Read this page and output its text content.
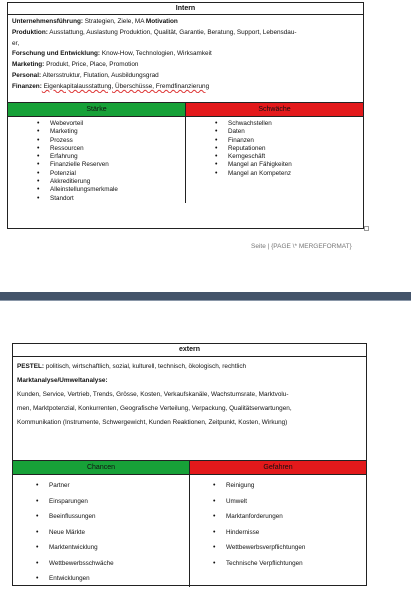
Intern

Unternehmensführung: Strategien, Ziele, MA Motivation

Produktion: Ausstattung, Auslastung Produktion, Qualität, Garantie, Beratung, Support, Lebensdau-

er,

Forschung und Entwicklung: Know-How, Technologien, Wirksamkeit

Marketing: Produkt, Price, Place, Promotion

Personal: Altersstruktur, Flutation, Ausbildungsgrad

Finanzen: Eigenkapitalausstattung, Überschüsse, Fremdfinanzierung

Stärke
• Webevorteil
• Marketing
• Prozess
• Ressourcen
• Erfahrung
• Finanzielle Reserven
• Potenzial
• Akkreditierung
• Alleinstellungsmerkmale
• Standort
Schwäche
• Schwachstellen
• Daten
• Finanzen
• Reputationen
• Kerngeschäft
• Mangel an Fähigkeiten
• Mangel an Kompetenz
Seite | {PAGE \* MERGEFORMAT}
extern

PESTEL: politisch, wirtschaftlich, sozial, kulturell, technisch, ökologisch, rechtlich

Marktanalyse/Umweltanalyse:

Kunden, Service, Vertrieb, Trends, Grösse, Kosten, Verkaufskanäle, Wachstumsrate, Marktvolu-

men, Marktpotenzial, Konkurrenten, Geografische Verteilung, Verpackung, Qualitätserwartungen,

Kommunikation (Instrumente, Schwergewicht, Kunden Reaktionen, Zeitpunkt, Kosten, Wirkung)

Chancen
• Partner
• Einsparungen
• Beeinflussungen
• Neue Märkte
• Marktentwicklung
• Wettbewerbsschwäche
• Entwicklungen
Gefahren
• Reinigung
• Umwelt
• Marktanforderungen
• Hindernisse
• Wettbewerbsverpflichtungen
• Technische Verpflichtungen
